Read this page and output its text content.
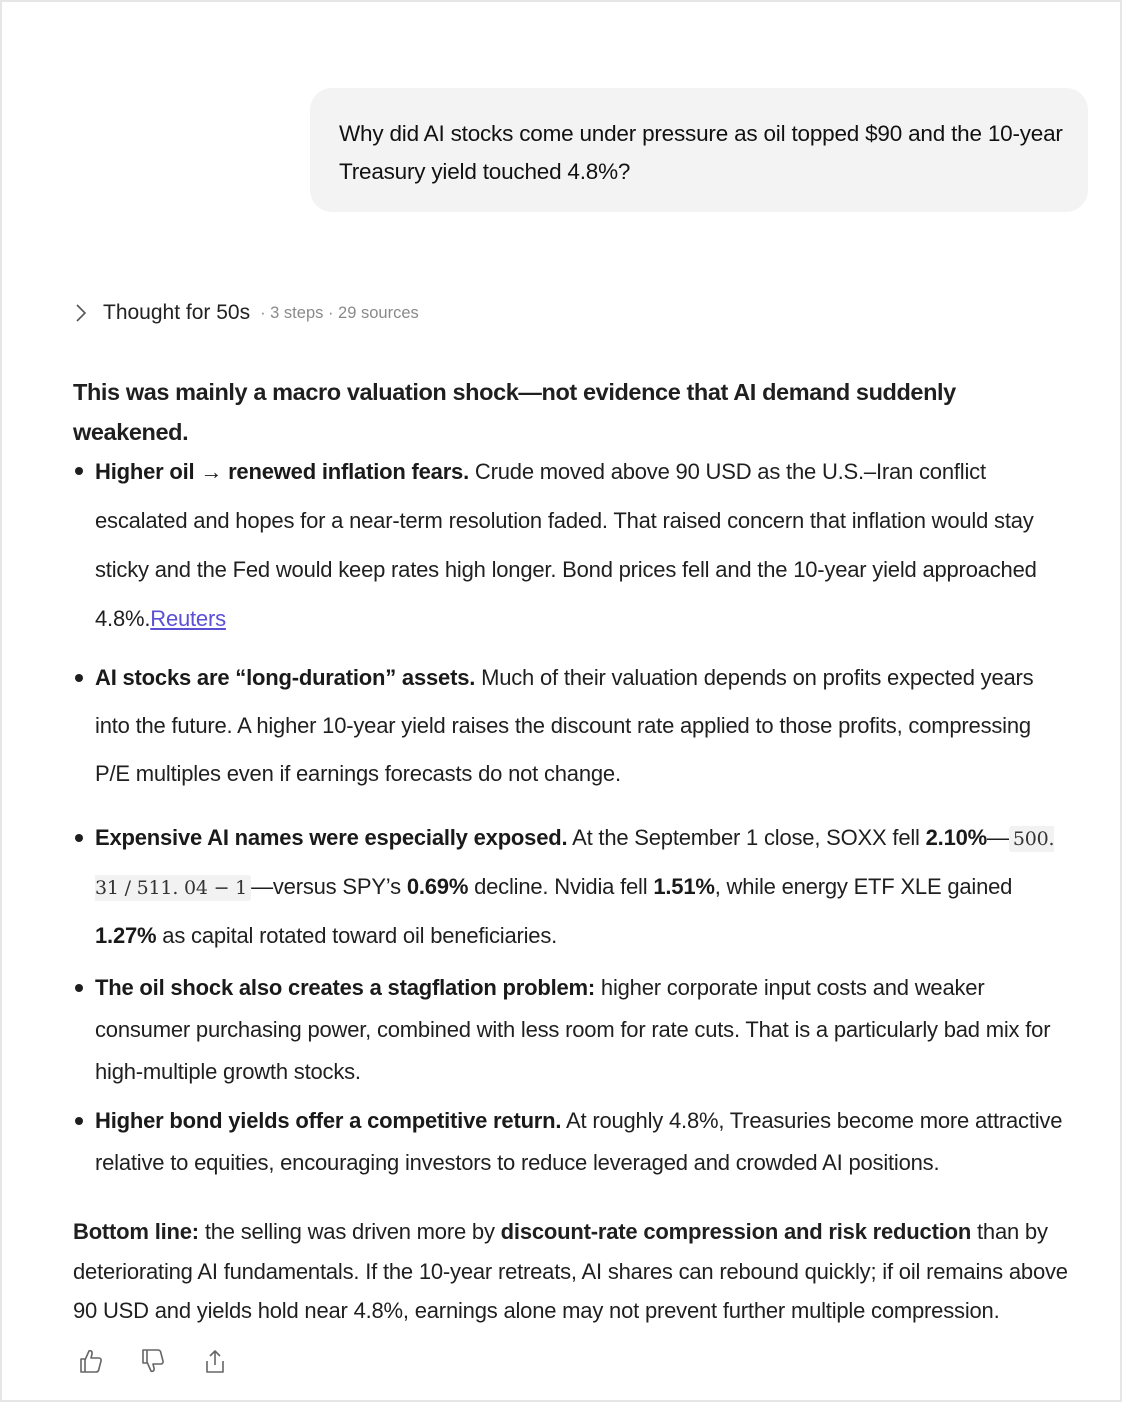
Why did AI stocks come under pressure as oil topped $90 and the 10-year Treasury yield touched 4.8%?
Thought for 50s · 3 steps · 29 sources

This was mainly a macro valuation shock—not evidence that AI demand suddenly weakened.

Higher oil → renewed inflation fears. Crude moved above 90 USD as the U.S.–Iran conflict escalated and hopes for a near-term resolution faded. That raised concern that inflation would stay sticky and the Fed would keep rates high longer. Bond prices fell and the 10-year yield approached 4.8%.Reuters
AI stocks are “long-duration” assets. Much of their valuation depends on profits expected years into the future. A higher 10-year yield raises the discount rate applied to those profits, compressing P/E multiples even if earnings forecasts do not change.
Expensive AI names were especially exposed. At the September 1 close, SOXX fell 2.10%— 500. 31 / 511. 04 − 1 —versus SPY’s 0.69% decline. Nvidia fell 1.51%, while energy ETF XLE gained 1.27% as capital rotated toward oil beneficiaries.
The oil shock also creates a stagflation problem: higher corporate input costs and weaker consumer purchasing power, combined with less room for rate cuts. That is a particularly bad mix for high-multiple growth stocks.
Higher bond yields offer a competitive return. At roughly 4.8%, Treasuries become more attractive relative to equities, encouraging investors to reduce leveraged and crowded AI positions.
Bottom line: the selling was driven more by discount-rate compression and risk reduction than by deteriorating AI fundamentals. If the 10-year retreats, AI shares can rebound quickly; if oil remains above 90 USD and yields hold near 4.8%, earnings alone may not prevent further multiple compression.
